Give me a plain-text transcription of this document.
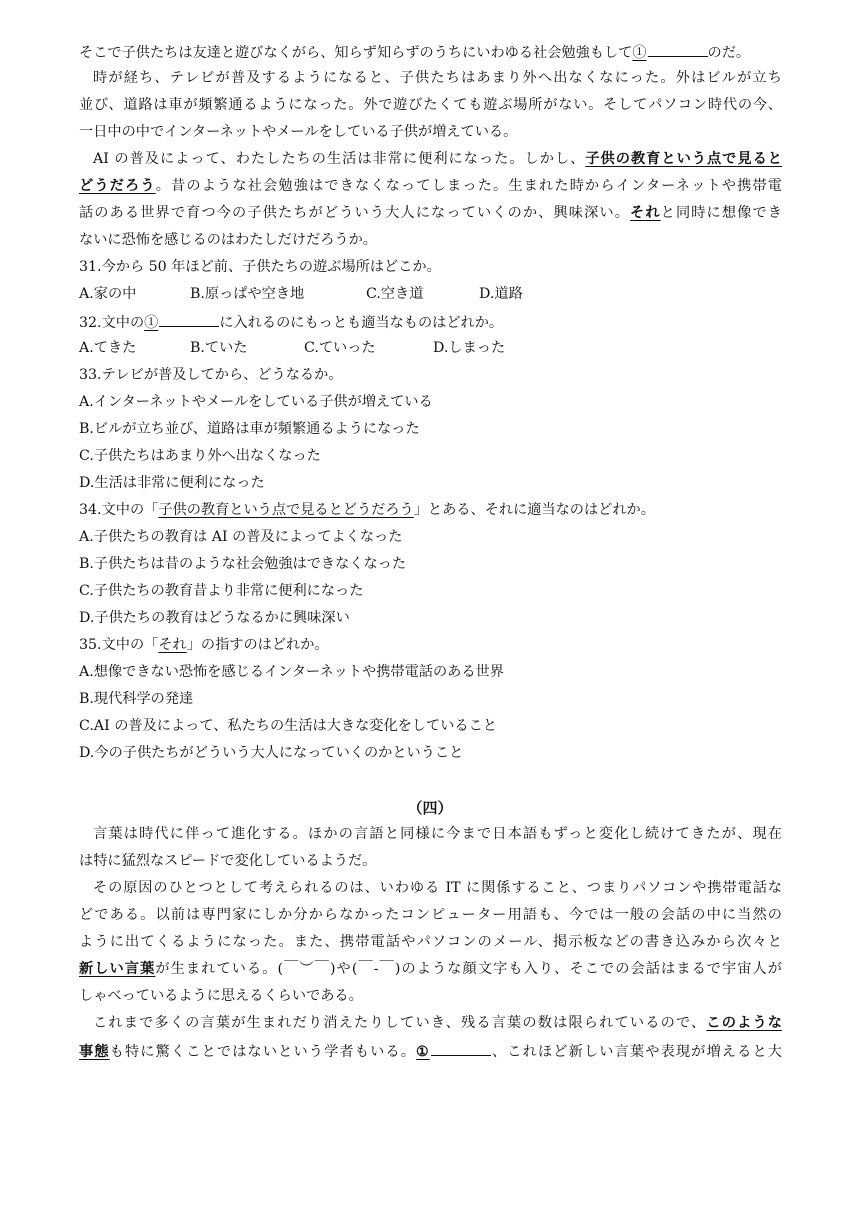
そこで子供たちは友達と遊びなくがら、知らず知らずのうちにいわゆる社会勉強もして①	のだ。
時が経ち、テレビが普及するようになると、子供たちはあまり外へ出なくなにった。外はビルが立ち
並び、道路は車が頻繁通るようになった。外で遊びたくても遊ぶ場所がない。そしてパソコン時代の今、
一日中の中でインターネットやメールをしている子供が増えている。
AI の普及によって、わたしたちの生活は非常に便利になった。しかし、子供の教育という点で見ると
どうだろう。昔のような社会勉強はできなくなってしまった。生まれた時からインターネットや携帯電
話のある世界で育つ今の子供たちがどういう大人になっていくのか、興味深い。それと同時に想像でき
ないに恐怖を感じるのはわたしだけだろうか。
31.今から 50 年ほど前、子供たちの遊ぶ場所はどこか。
A.家の中	B.原っぱや空き地	C.空き道	D.道路
32.文中の①	に入れるのにもっとも適当なものはどれか。
A.てきた	B.ていた	C.ていった	D.しまった
33.テレビが普及してから、どうなるか。
A.インターネットやメールをしている子供が増えている
B.ビルが立ち並び、道路は車が頻繁通るようになった
C.子供たちはあまり外へ出なくなった
D.生活は非常に便利になった
34.文中の「子供の教育という点で見るとどうだろう」とある、それに適当なのはどれか。
A.子供たちの教育は AI の普及によってよくなった
B.子供たちは昔のような社会勉強はできなくなった
C.子供たちの教育昔より非常に便利になった
D.子供たちの教育はどうなるかに興味深い
35.文中の「それ」の指すのはどれか。
A.想像できない恐怖を感じるインターネットや携帯電話のある世界
B.現代科学の発達
C.AI の普及によって、私たちの生活は大きな変化をしていること
D.今の子供たちがどういう大人になっていくのかということ
（四）
言葉は時代に伴って進化する。ほかの言語と同様に今まで日本語もずっと変化し続けてきたが、現在
は特に猛烈なスピードで変化しているようだ。
その原因のひとつとして考えられるのは、いわゆる IT に関係すること、つまりパソコンや携帯電話な
どである。以前は専門家にしか分からなかったコンピューター用語も、今では一般の会話の中に当然の
ように出てくるようになった。また、携帯電話やパソコンのメール、掲示板などの書き込みから次々と
新しい言葉が生まれている。(￣︶￣)や(￣-￣)のような顔文字も入り、そこでの会話はまるで宇宙人が
しゃべっているように思えるくらいである。
これまで多くの言葉が生まれだり消えたりしていき、残る言葉の数は限られているので、このような
事態も特に驚くことではないという学者もいる。①	、これほど新しい言葉や表現が増えると大
